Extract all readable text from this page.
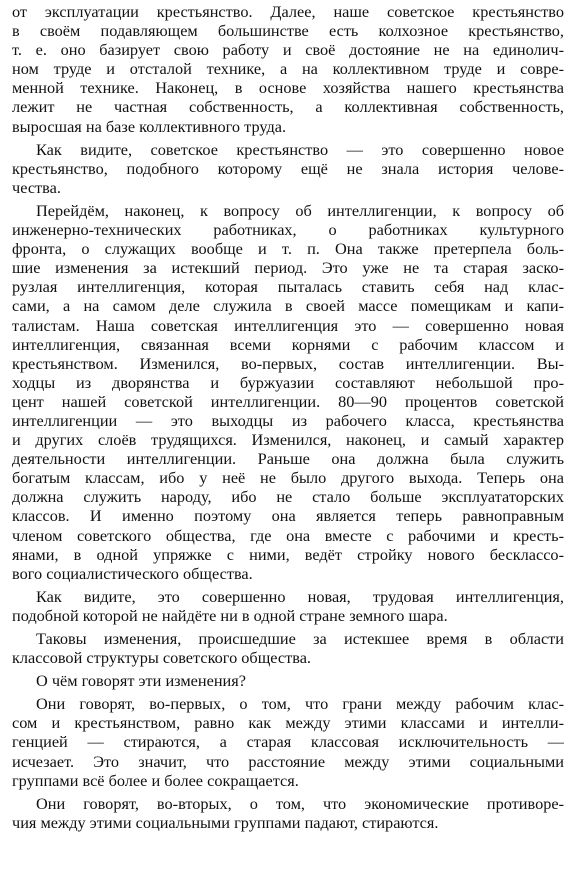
от эксплуатации крестьянство. Далее, наше советское крестьянство
в своём подавляющем большинстве есть колхозное крестьянство,
т. е. оно базирует свою работу и своё достояние не на единолич-
ном труде и отсталой технике, а на коллективном труде и совре-
менной технике. Наконец, в основе хозяйства нашего крестьянства
лежит не частная собственность, а коллективная собственность,
выросшая на базе коллективного труда.
Как видите, советское крестьянство — это совершенно новое
крестьянство, подобного которому ещё не знала история челове-
чества.
Перейдём, наконец, к вопросу об интеллигенции, к вопросу об
инженерно-технических работниках, о работниках культурного
фронта, о служащих вообще и т. п. Она также претерпела боль-
шие изменения за истекший период. Это уже не та старая заско-
рузлая интеллигенция, которая пыталась ставить себя над клас-
сами, а на самом деле служила в своей массе помещикам и капи-
талистам. Наша советская интеллигенция это — совершенно новая
интеллигенция, связанная всеми корнями с рабочим классом и
крестьянством. Изменился, во-первых, состав интеллигенции. Вы-
ходцы из дворянства и буржуазии составляют небольшой про-
цент нашей советской интеллигенции. 80—90 процентов советской
интеллигенции — это выходцы из рабочего класса, крестьянства
и других слоёв трудящихся. Изменился, наконец, и самый характер
деятельности интеллигенции. Раньше она должна была служить
богатым классам, ибо у неё не было другого выхода. Теперь она
должна служить народу, ибо не стало больше эксплуататорских
классов. И именно поэтому она является теперь равноправным
членом советского общества, где она вместе с рабочими и кресть-
янами, в одной упряжке с ними, ведёт стройку нового бесклассо-
вого социалистического общества.
Как видите, это совершенно новая, трудовая интеллигенция,
подобной которой не найдёте ни в одной стране земного шара.
Таковы изменения, происшедшие за истекшее время в области
классовой структуры советского общества.
О чём говорят эти изменения?
Они говорят, во-первых, о том, что грани между рабочим клас-
сом и крестьянством, равно как между этими классами и интелли-
генцией — стираются, а старая классовая исключительность —
исчезает. Это значит, что расстояние между этими социальными
группами всё более и более сокращается.
Они говорят, во-вторых, о том, что экономические противоре-
чия между этими социальными группами падают, стираются.
